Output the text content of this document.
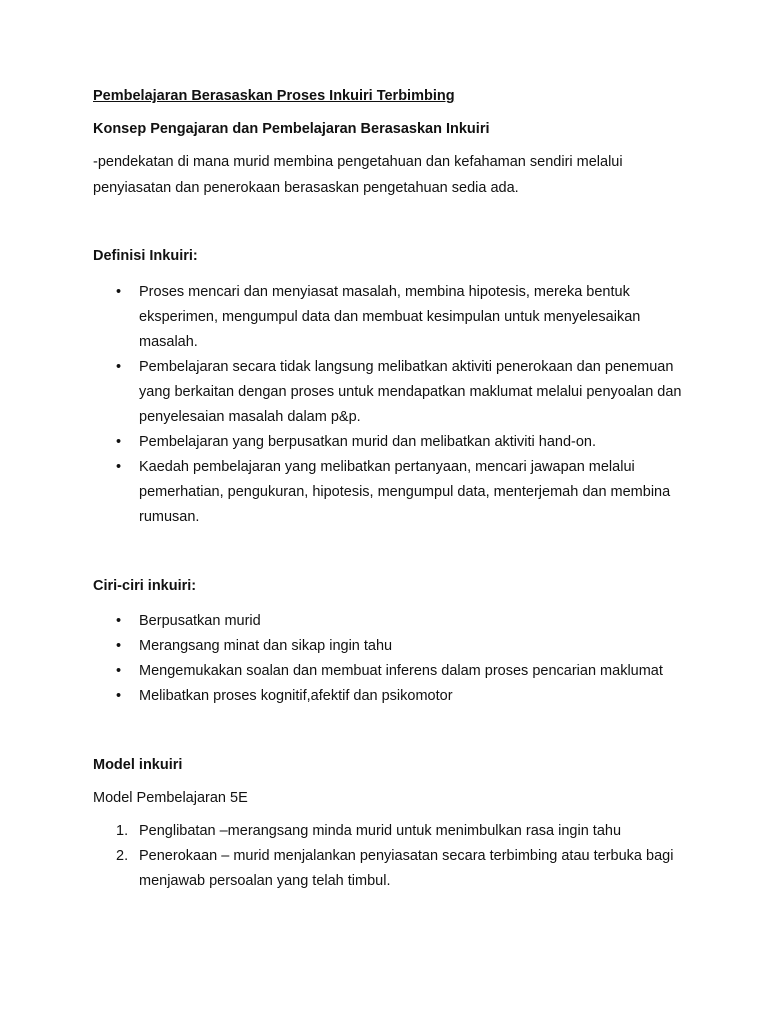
Pembelajaran Berasaskan Proses Inkuiri Terbimbing
Konsep Pengajaran dan Pembelajaran Berasaskan Inkuiri

-pendekatan di mana murid membina pengetahuan dan kefahaman sendiri melalui penyiasatan dan penerokaan berasaskan pengetahuan sedia ada.

Definisi Inkuiri:
• Proses mencari dan menyiasat masalah, membina hipotesis, mereka bentuk eksperimen, mengumpul data dan membuat kesimpulan untuk menyelesaikan masalah.
• Pembelajaran secara tidak langsung melibatkan aktiviti penerokaan dan penemuan yang berkaitan dengan proses untuk mendapatkan maklumat melalui penyoalan dan penyelesaian masalah dalam p&p.
• Pembelajaran yang berpusatkan murid dan melibatkan aktiviti hand-on.
• Kaedah pembelajaran yang melibatkan pertanyaan, mencari jawapan melalui pemerhatian, pengukuran, hipotesis, mengumpul data, menterjemah dan membina rumusan.
Ciri-ciri inkuiri:
• Berpusatkan murid
• Merangsang minat dan sikap ingin tahu
• Mengemukakan soalan dan membuat inferens dalam proses pencarian maklumat
• Melibatkan proses kognitif,afektif dan psikomotor
Model inkuiri

Model Pembelajaran 5E

1. Penglibatan –merangsang minda murid untuk menimbulkan rasa ingin tahu
2. Penerokaan – murid menjalankan penyiasatan secara terbimbing atau terbuka bagi menjawab persoalan yang telah timbul.
